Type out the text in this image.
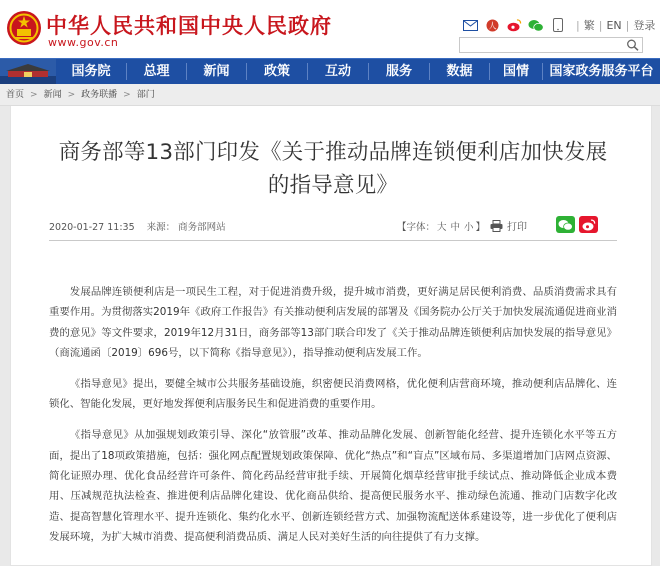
中华人民共和国中央人民政府
www.gov.cn
人	| 繁 | EN | 登录
国务院	总理	新闻	政策	互动	服务	数据	国情	国家政务服务平台
首页 > 新闻 > 政务联播 > 部门
商务部等13部门印发《关于推动品牌连锁便利店加快发展的指导意见》
2020-01-27 11:35 来源： 商务部网站	【字体： 大 中 小 】 打印

发展品牌连锁便利店是一项民生工程，对于促进消费升级，提升城市消费，更好满足居民便利消费、品质消费需求具有重要作用。为贯彻落实2019年《政府工作报告》有关推动便利店发展的部署及《国务院办公厅关于加快发展流通促进商业消费的意见》等文件要求，2019年12月31日，商务部等13部门联合印发了《关于推动品牌连锁便利店加快发展的指导意见》（商流通函〔2019〕696号，以下简称《指导意见》），指导推动便利店发展工作。

《指导意见》提出，要健全城市公共服务基础设施，织密便民消费网格，优化便利店营商环境，推动便利店品牌化、连锁化、智能化发展，更好地发挥便利店服务民生和促进消费的重要作用。

《指导意见》从加强规划政策引导、深化“放管服”改革、推动品牌化发展、创新智能化经营、提升连锁化水平等五方面，提出了18项政策措施，包括：强化网点配置规划政策保障、优化“热点”和“盲点”区域布局、多渠道增加门店网点资源、简化证照办理、优化食品经营许可条件、简化药品经营审批手续、开展简化烟草经营审批手续试点、推动降低企业成本费用、压减规范执法检查、推进便利店品牌化建设、优化商品供给、提高便民服务水平、推动绿色流通、推动门店数字化改造、提高智慧化管理水平、提升连锁化、集约化水平、创新连锁经营方式、加强物流配送体系建设等，进一步优化了便利店发展环境，为扩大城市消费、提高便利消费品质、满足人民对美好生活的向往提供了有力支撑。
